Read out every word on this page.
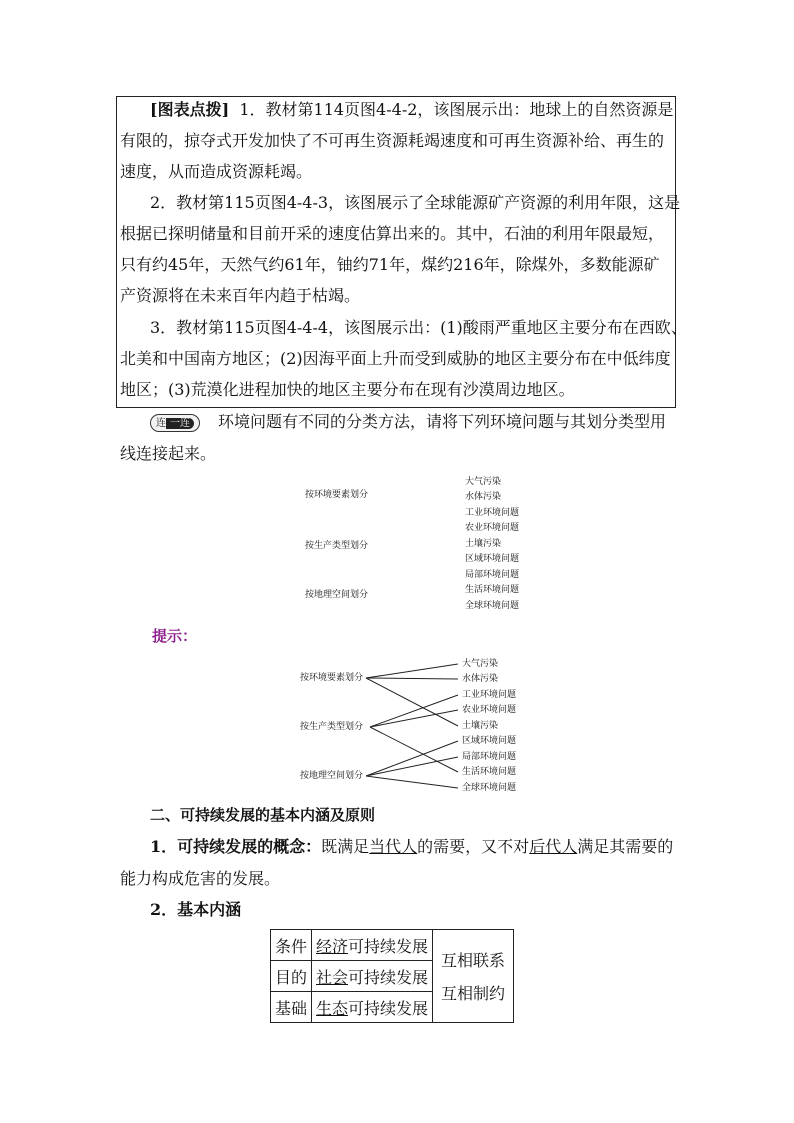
[图表点拨] 1．教材第114页图4-4-2，该图展示出：地球上的自然资源是
有限的，掠夺式开发加快了不可再生资源耗竭速度和可再生资源补给、再生的
速度，从而造成资源耗竭。
2．教材第115页图4-4-3，该图展示了全球能源矿产资源的利用年限，这是
根据已探明储量和目前开采的速度估算出来的。其中，石油的利用年限最短，
只有约45年，天然气约61年，铀约71年，煤约216年，除煤外，多数能源矿
产资源将在未来百年内趋于枯竭。
3．教材第115页图4-4-4，该图展示出：(1)酸雨严重地区主要分布在西欧、
北美和中国南方地区；(2)因海平面上升而受到威胁的地区主要分布在中低纬度
地区；(3)荒漠化进程加快的地区主要分布在现有沙漠周边地区。
连 一连	环境问题有不同的分类方法，请将下列环境问题与其划分类型用
线连接起来。
按环境要素划分
按生产类型划分
按地理空间划分
大气污染
水体污染
工业环境问题
农业环境问题
土壤污染
区域环境问题
局部环境问题
生活环境问题
全球环境问题
提示：
按环境要素划分
按生产类型划分
按地理空间划分
大气污染
水体污染
工业环境问题
农业环境问题
土壤污染
区域环境问题
局部环境问题
生活环境问题
全球环境问题
二、可持续发展的基本内涵及原则
1．可持续发展的概念：既满足当代人的需要，又不对后代人满足其需要的
能力构成危害的发展。
2．基本内涵
条件	经济可持续发展	互相联系
互相制约

目的	社会可持续发展	
基础	生态可持续发展	
